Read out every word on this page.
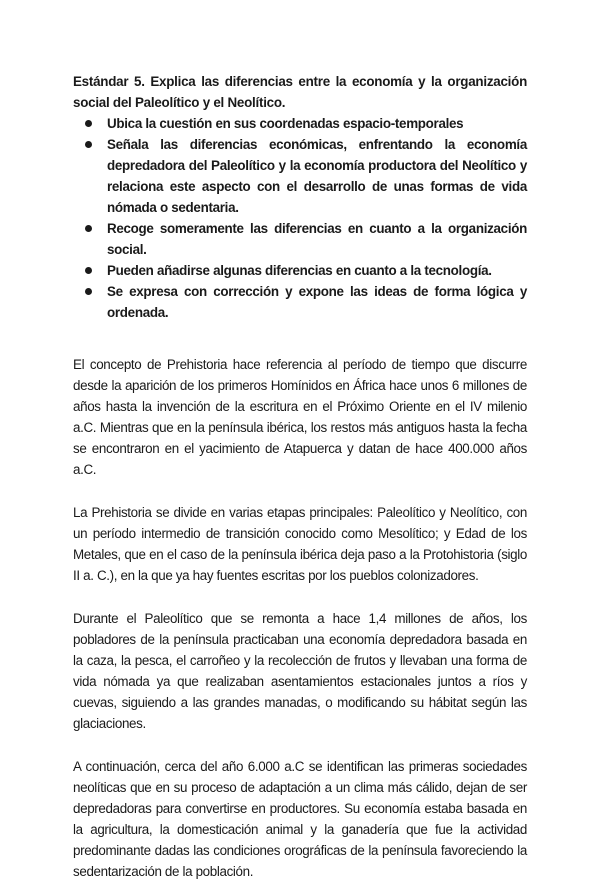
Estándar 5. Explica las diferencias entre la economía y la organización social del Paleolítico y el Neolítico.

Ubica la cuestión en sus coordenadas espacio-temporales
Señala las diferencias económicas, enfrentando la economía depredadora del Paleolítico y la economía productora del Neolítico y relaciona este aspecto con el desarrollo de unas formas de vida nómada o sedentaria.
Recoge someramente las diferencias en cuanto a la organización social.
Pueden añadirse algunas diferencias en cuanto a la tecnología.
Se expresa con corrección y expone las ideas de forma lógica y ordenada.

El concepto de Prehistoria hace referencia al período de tiempo que discurre desde la aparición de los primeros Homínidos en África hace unos 6 millones de años hasta la invención de la escritura en el Próximo Oriente en el IV milenio a.C. Mientras que en la península ibérica, los restos más antiguos hasta la fecha se encontraron en el yacimiento de Atapuerca y datan de hace 400.000 años a.C.

La Prehistoria se divide en varias etapas principales: Paleolítico y Neolítico, con un período intermedio de transición conocido como Mesolítico; y Edad de los Metales, que en el caso de la península ibérica deja paso a la Protohistoria (siglo II a. C.), en la que ya hay fuentes escritas por los pueblos colonizadores.

Durante el Paleolítico que se remonta a hace 1,4 millones de años, los pobladores de la península practicaban una economía depredadora basada en la caza, la pesca, el carroñeo y la recolección de frutos y llevaban una forma de vida nómada ya que realizaban asentamientos estacionales juntos a ríos y cuevas, siguiendo a las grandes manadas, o modificando su hábitat según las glaciaciones.

A continuación, cerca del año 6.000 a.C se identifican las primeras sociedades neolíticas que en su proceso de adaptación a un clima más cálido, dejan de ser depredadoras para convertirse en productores. Su economía estaba basada en la agricultura, la domesticación animal y la ganadería que fue la actividad predominante dadas las condiciones orográficas de la península favoreciendo la sedentarización de la población.
